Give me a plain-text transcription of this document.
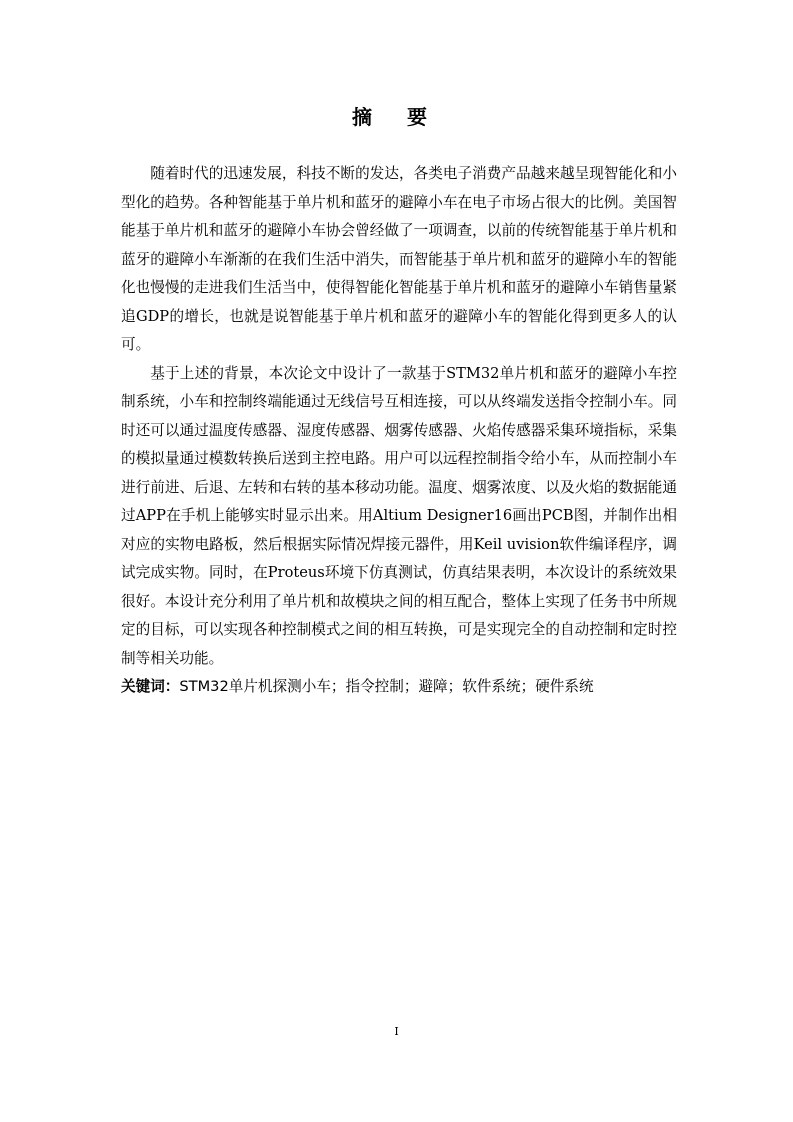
摘 要

随着时代的迅速发展，科技不断的发达，各类电子消费产品越来越呈现智能化和小型化的趋势。各种智能基于单片机和蓝牙的避障小车在电子市场占很大的比例。美国智能基于单片机和蓝牙的避障小车协会曾经做了一项调查，以前的传统智能基于单片机和蓝牙的避障小车渐渐的在我们生活中消失，而智能基于单片机和蓝牙的避障小车的智能化也慢慢的走进我们生活当中，使得智能化智能基于单片机和蓝牙的避障小车销售量紧追GDP的增长，也就是说智能基于单片机和蓝牙的避障小车的智能化得到更多人的认可。

基于上述的背景，本次论文中设计了一款基于STM32单片机和蓝牙的避障小车控制系统，小车和控制终端能通过无线信号互相连接，可以从终端发送指令控制小车。同时还可以通过温度传感器、湿度传感器、烟雾传感器、火焰传感器采集环境指标，采集的模拟量通过模数转换后送到主控电路。用户可以远程控制指令给小车，从而控制小车进行前进、后退、左转和右转的基本移动功能。温度、烟雾浓度、以及火焰的数据能通过APP在手机上能够实时显示出来。用Altium Designer16画出PCB图，并制作出相对应的实物电路板，然后根据实际情况焊接元器件，用Keil uvision软件编译程序，调试完成实物。同时，在Proteus环境下仿真测试，仿真结果表明，本次设计的系统效果很好。本设计充分利用了单片机和故模块之间的相互配合，整体上实现了任务书中所规定的目标，可以实现各种控制模式之间的相互转换，可是实现完全的自动控制和定时控制等相关功能。

关键词：STM32单片机探测小车；指令控制；避障；软件系统；硬件系统

I
